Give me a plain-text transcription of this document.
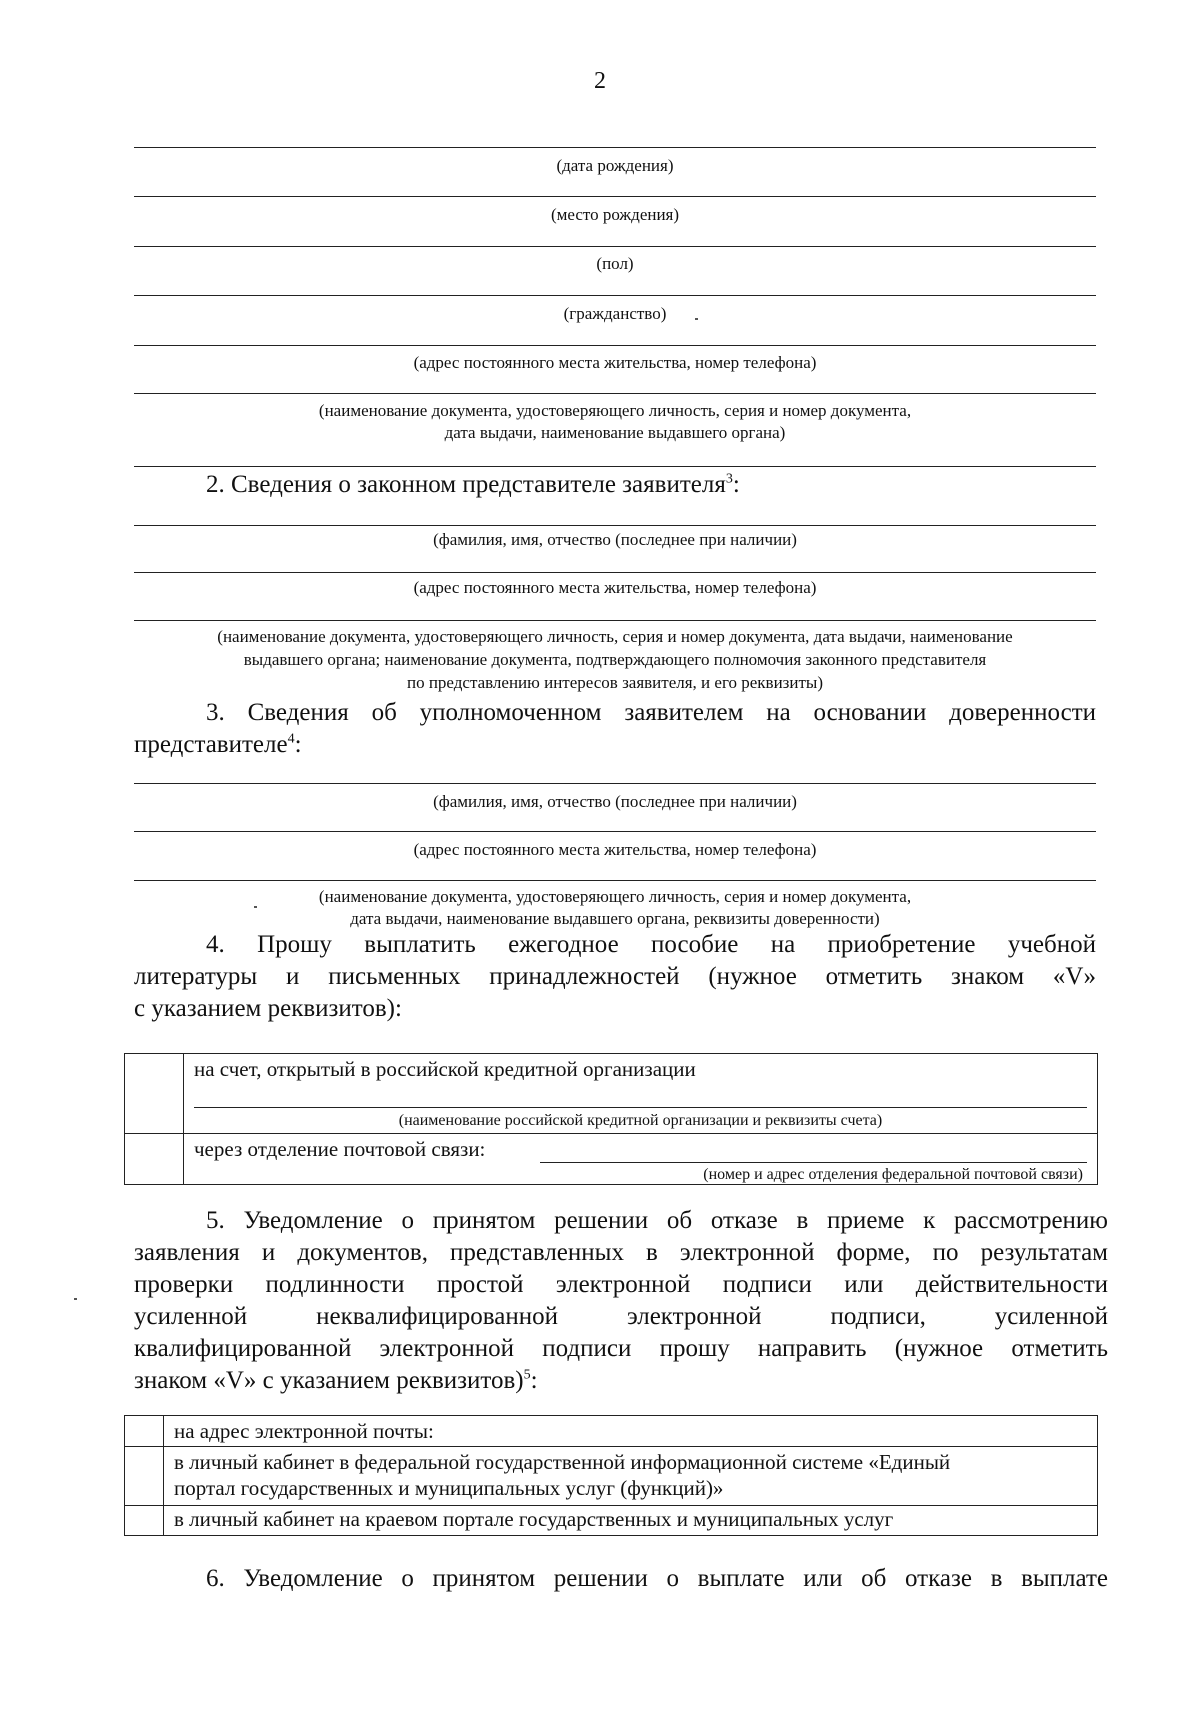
2
(дата рождения)
(место рождения)
(пол)
(гражданство)
(адрес постоянного места жительства, номер телефона)
(наименование документа, удостоверяющего личность, серия и номер документа,
дата выдачи, наименование выдавшего органа)
2. Сведения о законном представителе заявителя$^3$:
(фамилия, имя, отчество (последнее при наличии)
(адрес постоянного места жительства, номер телефона)
(наименование документа, удостоверяющего личность, серия и номер документа, дата выдачи, наименование
выдавшего органа; наименование документа, подтверждающего полномочия законного представителя
по представлению интересов заявителя, и его реквизиты)
3. Сведения об уполномоченном заявителем на основании доверенности
представителе$^4$:
(фамилия, имя, отчество (последнее при наличии)
(адрес постоянного места жительства, номер телефона)
(наименование документа, удостоверяющего личность, серия и номер документа,
дата выдачи, наименование выдавшего органа, реквизиты доверенности)
4. Прошу выплатить ежегодное пособие на приобретение учебной
литературы и письменных принадлежностей (нужное отметить знаком «V»
с указанием реквизитов):

	на счет, открытый в российской кредитной организации
(наименование российской кредитной организации и реквизиты счета)

	через отделение почтовой связи:
(номер и адрес отделения федеральной почтовой связи)
5. Уведомление о принятом решении об отказе в приеме к рассмотрению
заявления и документов, представленных в электронной форме, по результатам
проверки подлинности простой электронной подписи или действительности
усиленной неквалифицированной электронной подписи, усиленной
квалифицированной электронной подписи прошу направить (нужное отметить
знаком «V» с указанием реквизитов)$^5$:

	на адрес электронной почты:

	в личный кабинет в федеральной государственной информационной системе «Единый
портал государственных и муниципальных услуг (функций)»

	в личный кабинет на краевом портале государственных и муниципальных услуг
6. Уведомление о принятом решении о выплате или об отказе в выплате
